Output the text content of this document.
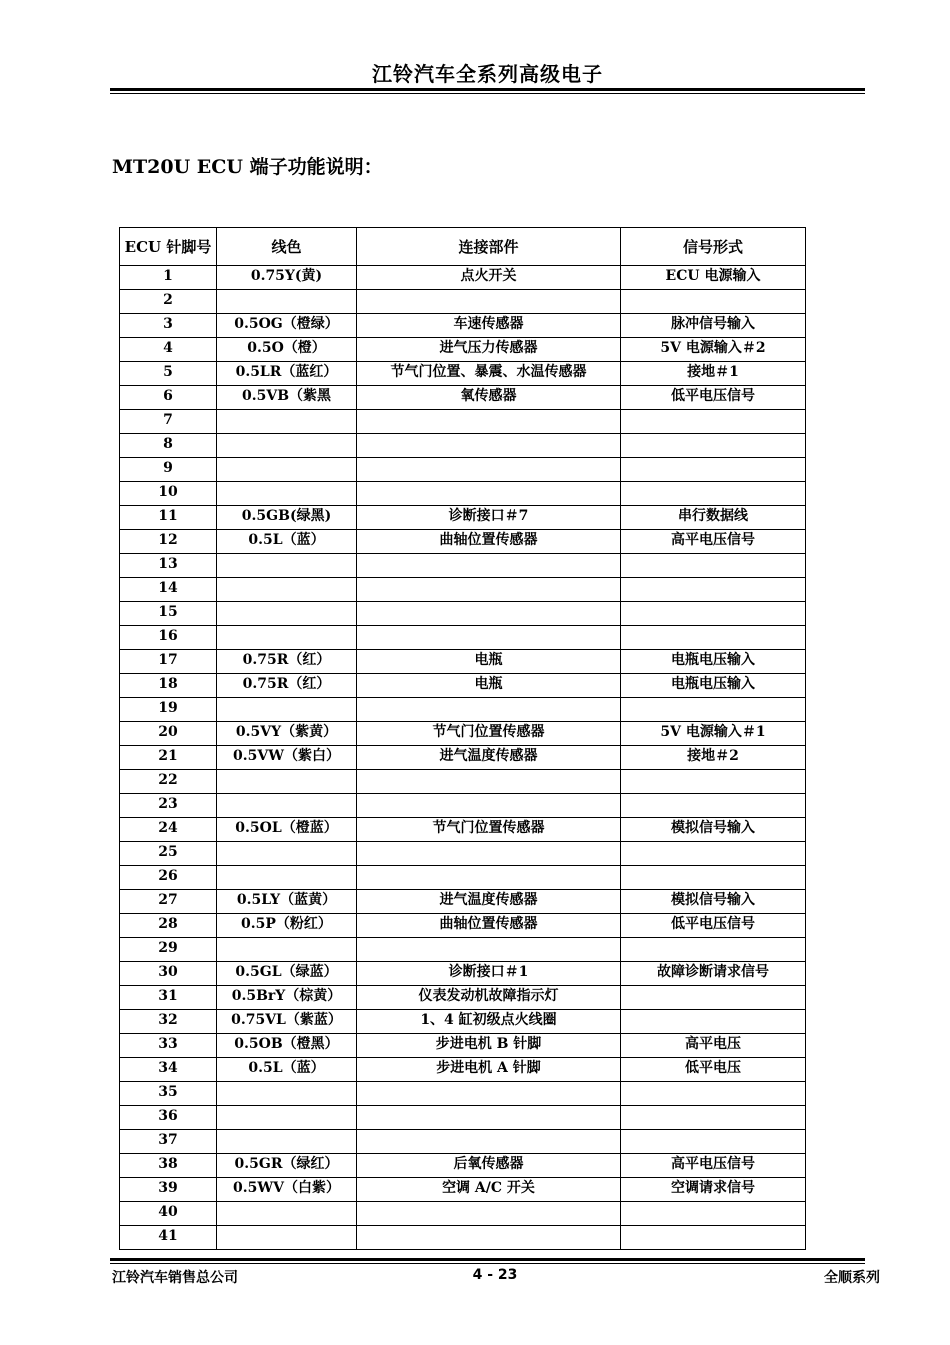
江铃汽车全系列高级电子
MT20U ECU 端子功能说明：
ECU 针脚号	线色	连接部件	信号形式
1	0.75Y(黄)	点火开关	ECU 电源输入
2			
3	0.5OG（橙绿）	车速传感器	脉冲信号输入
4	0.5O（橙）	进气压力传感器	5V 电源输入＃2
5	0.5LR（蓝红）	节气门位置、暴震、水温传感器	接地＃1
6	0.5VB（紫黑	氧传感器	低平电压信号
7			
8			
9			
10			
11	0.5GB(绿黑)	诊断接口＃7	串行数据线
12	0.5L（蓝）	曲轴位置传感器	高平电压信号
13			
14			
15			
16			
17	0.75R（红）	电瓶	电瓶电压输入
18	0.75R（红）	电瓶	电瓶电压输入
19			
20	0.5VY（紫黄）	节气门位置传感器	5V 电源输入＃1
21	0.5VW（紫白）	进气温度传感器	接地＃2
22			
23			
24	0.5OL（橙蓝）	节气门位置传感器	模拟信号输入
25			
26			
27	0.5LY（蓝黄）	进气温度传感器	模拟信号输入
28	0.5P（粉红）	曲轴位置传感器	低平电压信号
29			
30	0.5GL（绿蓝）	诊断接口＃1	故障诊断请求信号
31	0.5BrY（棕黄）	仪表发动机故障指示灯	
32	0.75VL（紫蓝）	1、4 缸初级点火线圈	
33	0.5OB（橙黑）	步进电机 B 针脚	高平电压
34	0.5L（蓝）	步进电机 A 针脚	低平电压
35			
36			
37			
38	0.5GR（绿红）	后氧传感器	高平电压信号
39	0.5WV（白紫）	空调 A/C 开关	空调请求信号
40			
41			
江铃汽车销售总公司	4 - 23	全顺系列
